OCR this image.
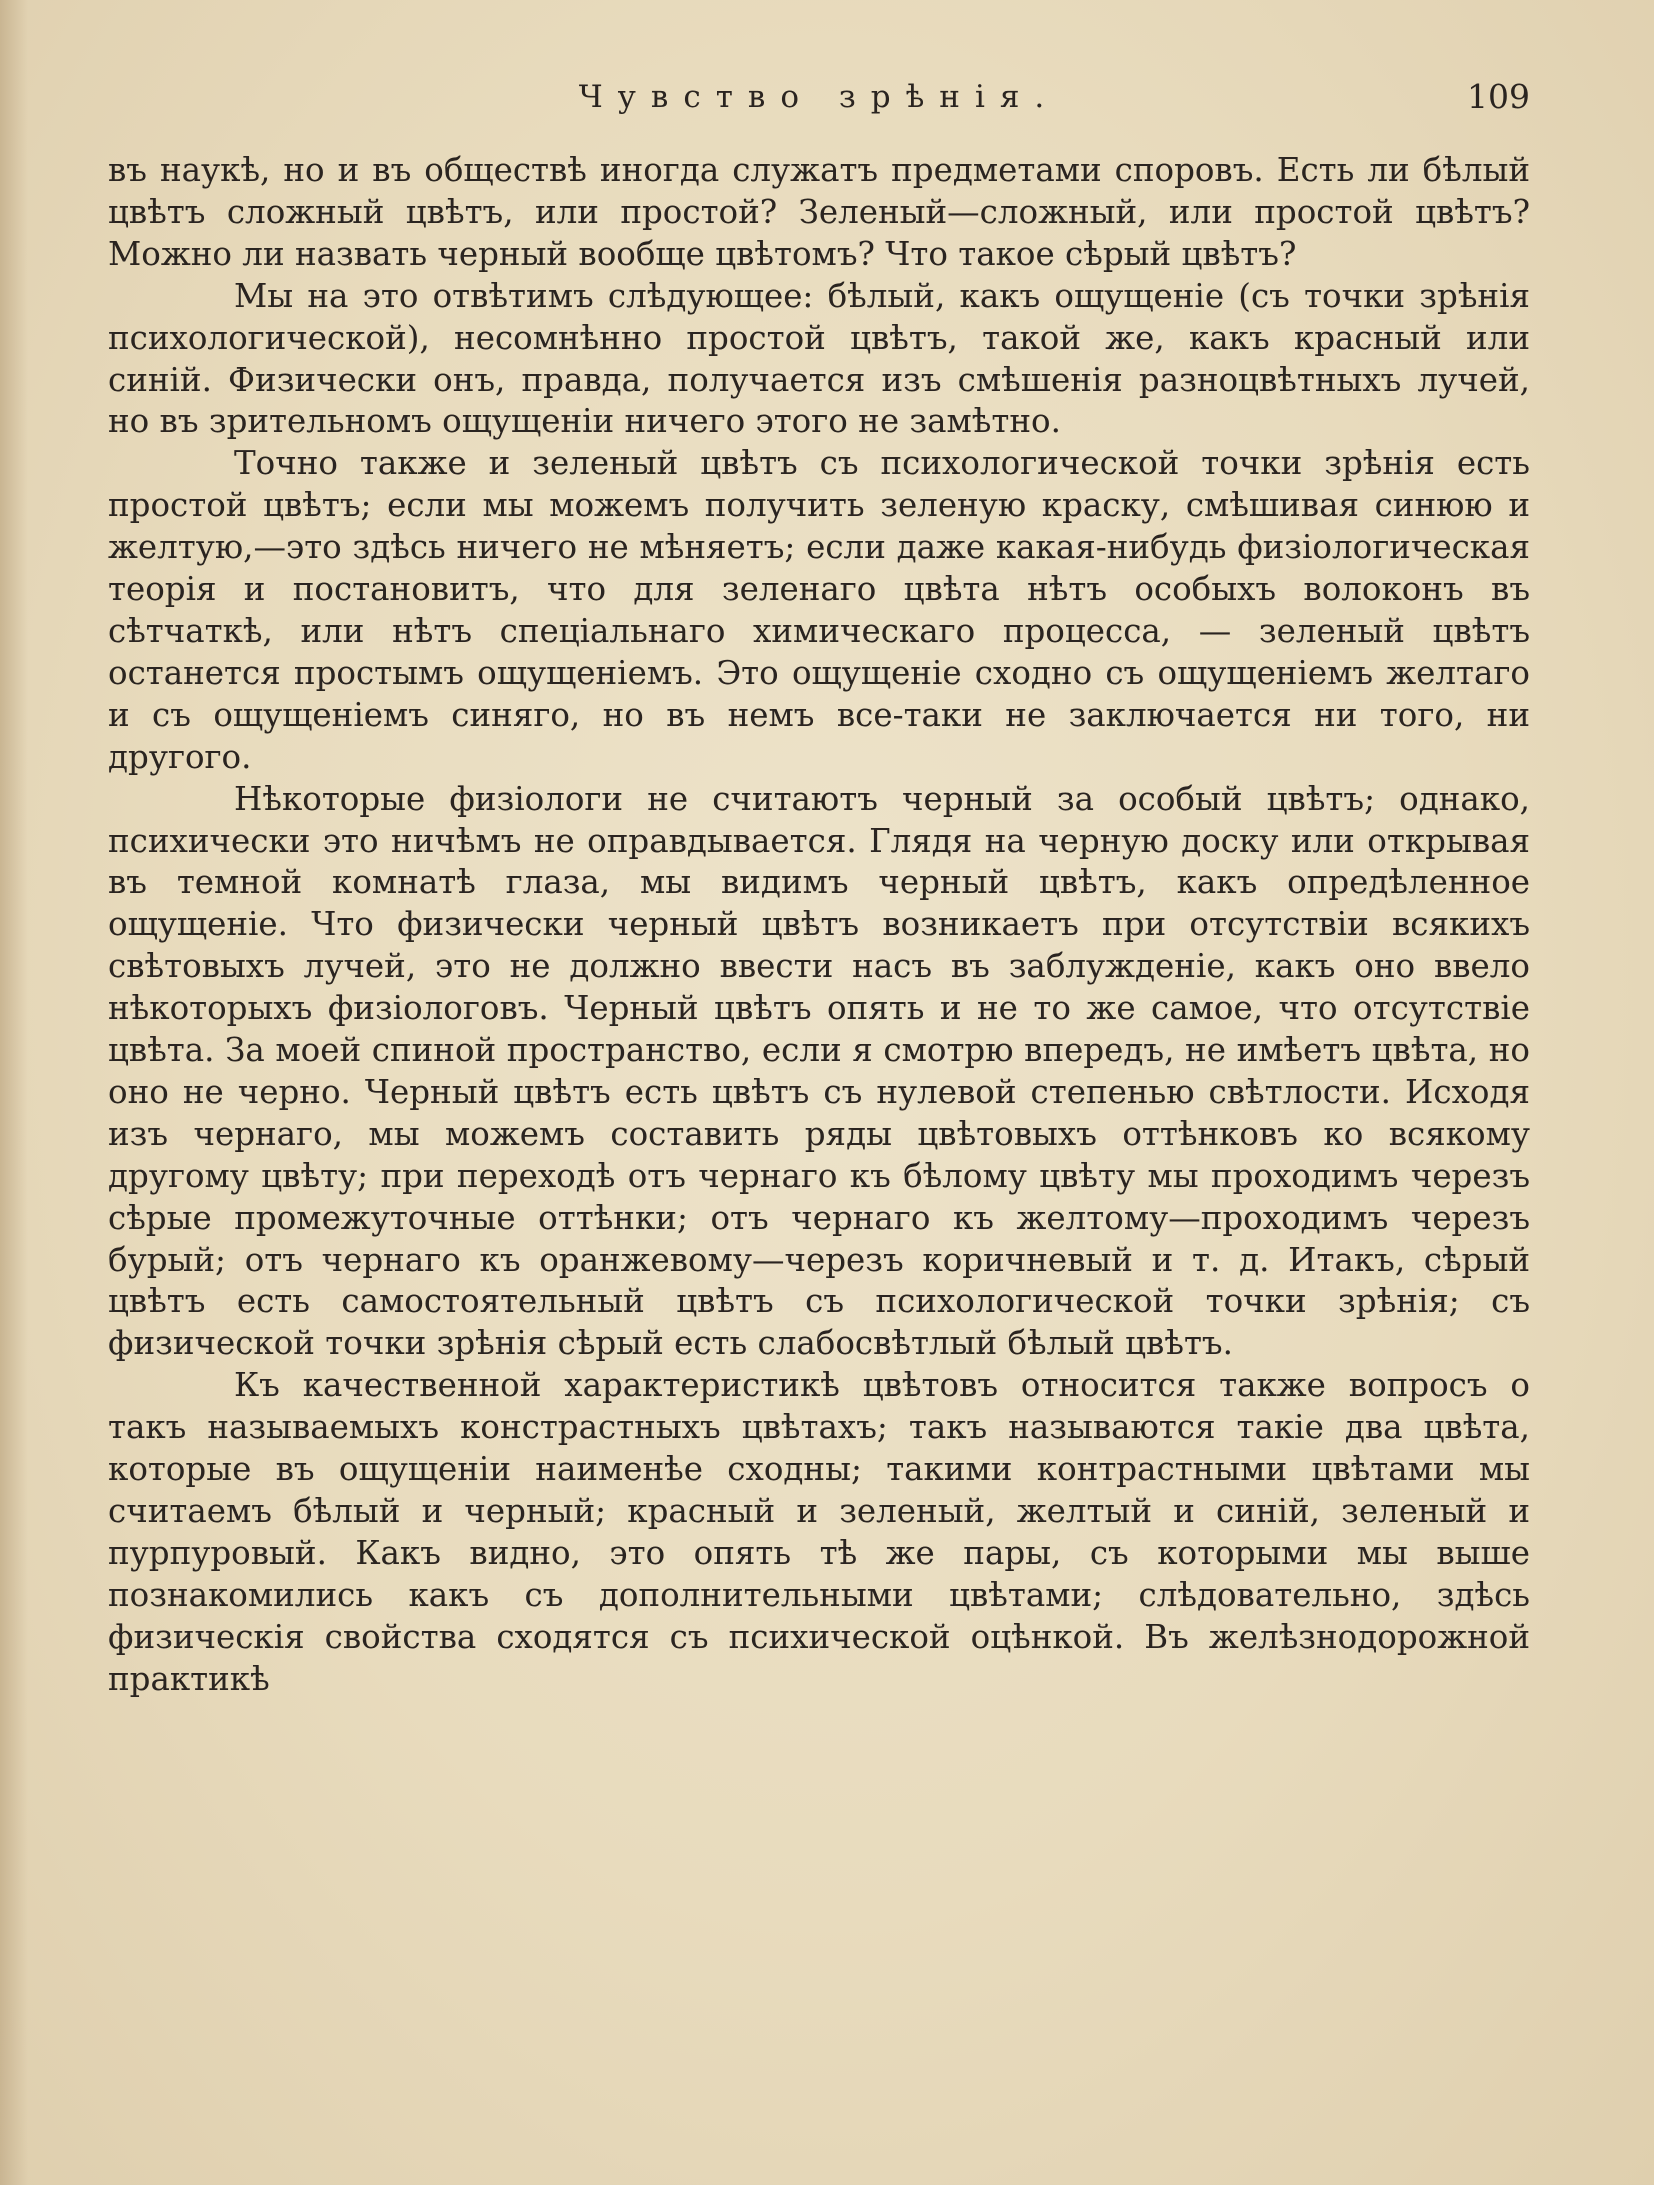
Чувство зрѣнія.	109

въ наукѣ, но и въ обществѣ иногда служатъ предметами споровъ. Есть ли бѣлый цвѣтъ сложный цвѣтъ, или простой? Зеленый—сложный, или простой цвѣтъ? Можно ли назвать черный вообще цвѣтомъ? Что такое сѣрый цвѣтъ?

Мы на это отвѣтимъ слѣдующее: бѣлый, какъ ощущеніе (съ точки зрѣнія психологической), несомнѣнно простой цвѣтъ, такой же, какъ красный или синій. Физически онъ, правда, получается изъ смѣшенія разноцвѣтныхъ лучей, но въ зрительномъ ощущеніи ничего этого не замѣтно.

Точно также и зеленый цвѣтъ съ психологической точки зрѣнія есть простой цвѣтъ; если мы можемъ получить зеленую краску, смѣшивая синюю и желтую,—это здѣсь ничего не мѣняетъ; если даже какая-нибудь физіологическая теорія и постановитъ, что для зеленаго цвѣта нѣтъ особыхъ волоконъ въ сѣтчаткѣ, или нѣтъ спеціальнаго химическаго процесса, — зеленый цвѣтъ останется простымъ ощущеніемъ. Это ощущеніе сходно съ ощущеніемъ желтаго и съ ощущеніемъ синяго, но въ немъ все-таки не заключается ни того, ни другого.

Нѣкоторые физіологи не считаютъ черный за особый цвѣтъ; однако, психически это ничѣмъ не оправдывается. Глядя на черную доску или открывая въ темной комнатѣ глаза, мы видимъ черный цвѣтъ, какъ опредѣленное ощущеніе. Что физически черный цвѣтъ возникаетъ при отсутствіи всякихъ свѣтовыхъ лучей, это не должно ввести насъ въ заблужденіе, какъ оно ввело нѣкоторыхъ физіологовъ. Черный цвѣтъ опять и не то же самое, что отсутствіе цвѣта. За моей спиной пространство, если я смотрю впередъ, не имѣетъ цвѣта, но оно не черно. Черный цвѣтъ есть цвѣтъ съ нулевой степенью свѣтлости. Исходя изъ чернаго, мы можемъ составить ряды цвѣтовыхъ оттѣнковъ ко всякому другому цвѣту; при переходѣ отъ чернаго къ бѣлому цвѣту мы проходимъ черезъ сѣрые промежуточные оттѣнки; отъ чернаго къ желтому—проходимъ черезъ бурый; отъ чернаго къ оранжевому—черезъ коричневый и т. д. Итакъ, сѣрый цвѣтъ есть самостоятельный цвѣтъ съ психологической точки зрѣнія; съ физической точки зрѣнія сѣрый есть слабосвѣтлый бѣлый цвѣтъ.

Къ качественной характеристикѣ цвѣтовъ относится также вопросъ о такъ называемыхъ констрастныхъ цвѣтахъ; такъ называются такіе два цвѣта, которые въ ощущеніи наименѣе сходны; такими контрастными цвѣтами мы считаемъ бѣлый и черный; красный и зеленый, желтый и синій, зеленый и пурпуровый. Какъ видно, это опять тѣ же пары, съ которыми мы выше познакомились какъ съ дополнительными цвѣтами; слѣдовательно, здѣсь физическія свойства сходятся съ психической оцѣнкой. Въ желѣзнодорожной практикѣ
